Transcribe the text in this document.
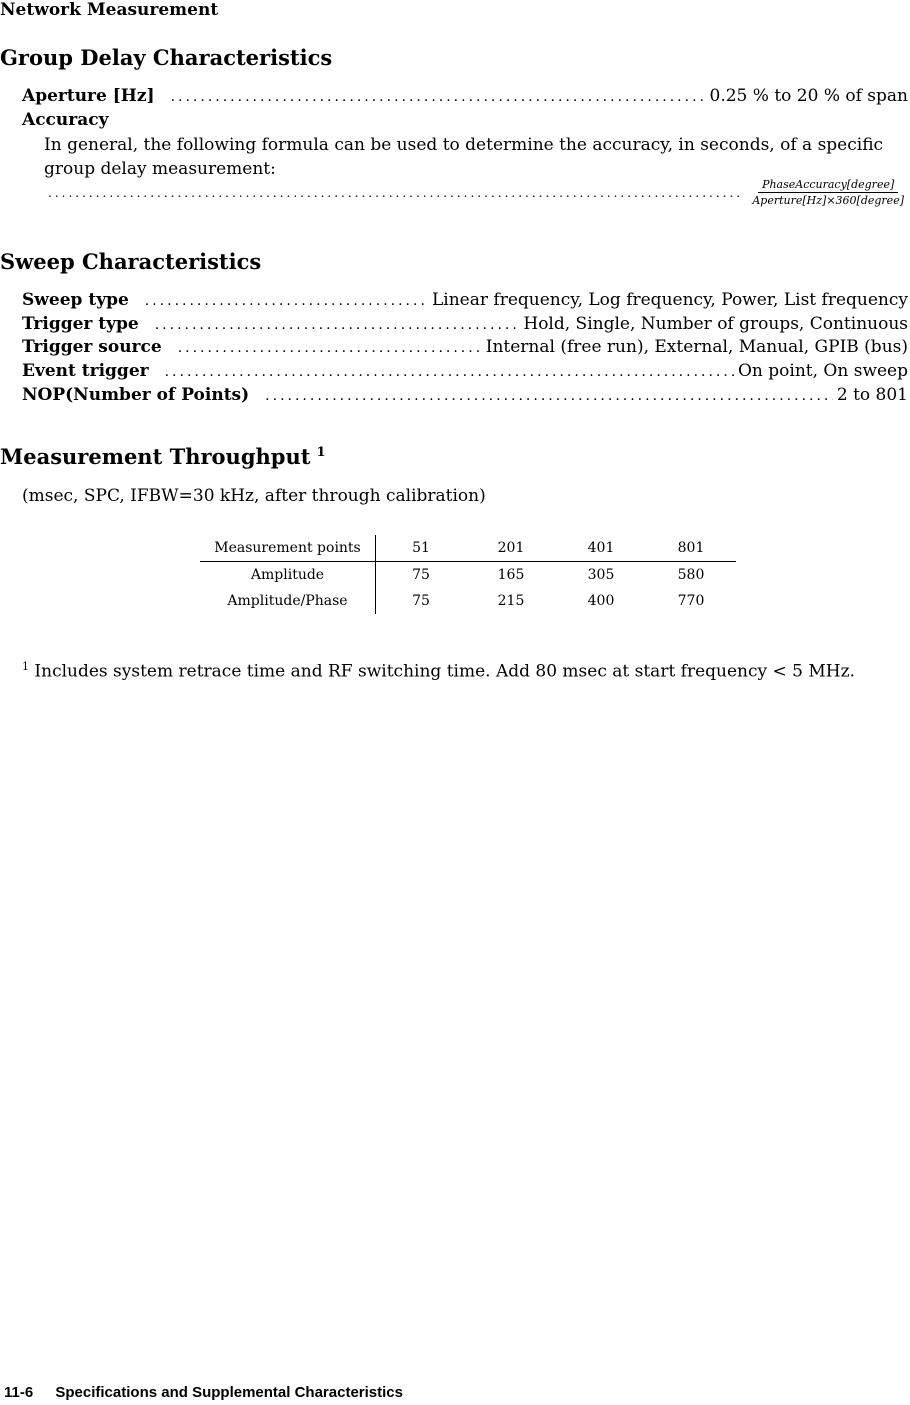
Network Measurement
Group Delay Characteristics
Aperture [Hz] .....	0.25 % to 20 % of span
Accuracy
In general, the following formula can be used to determine the accuracy, in seconds, of a specific group delay measurement:
.....
$\frac{\text{PhaseAccuracy[degree]}}{\text{Aperture[Hz]×360[degree]}}$
Sweep Characteristics
Sweep type .....	Linear frequency, Log frequency, Power, List frequency
Trigger type .....	Hold, Single, Number of groups, Continuous
Trigger source .....	Internal (free run), External, Manual, GPIB (bus)
Event trigger .....	On point, On sweep
NOP(Number of Points) .....	2 to 801
Measurement Throughput $^1$
(msec, SPC, IFBW=30 kHz, after through calibration)
Measurement points	51	201	401	801
Amplitude	75	165	305	580
Amplitude/Phase	75	215	400	770
$^1$ Includes system retrace time and RF switching time. Add 80 msec at start frequency < 5 MHz.
11-6 Specifications and Supplemental Characteristics
